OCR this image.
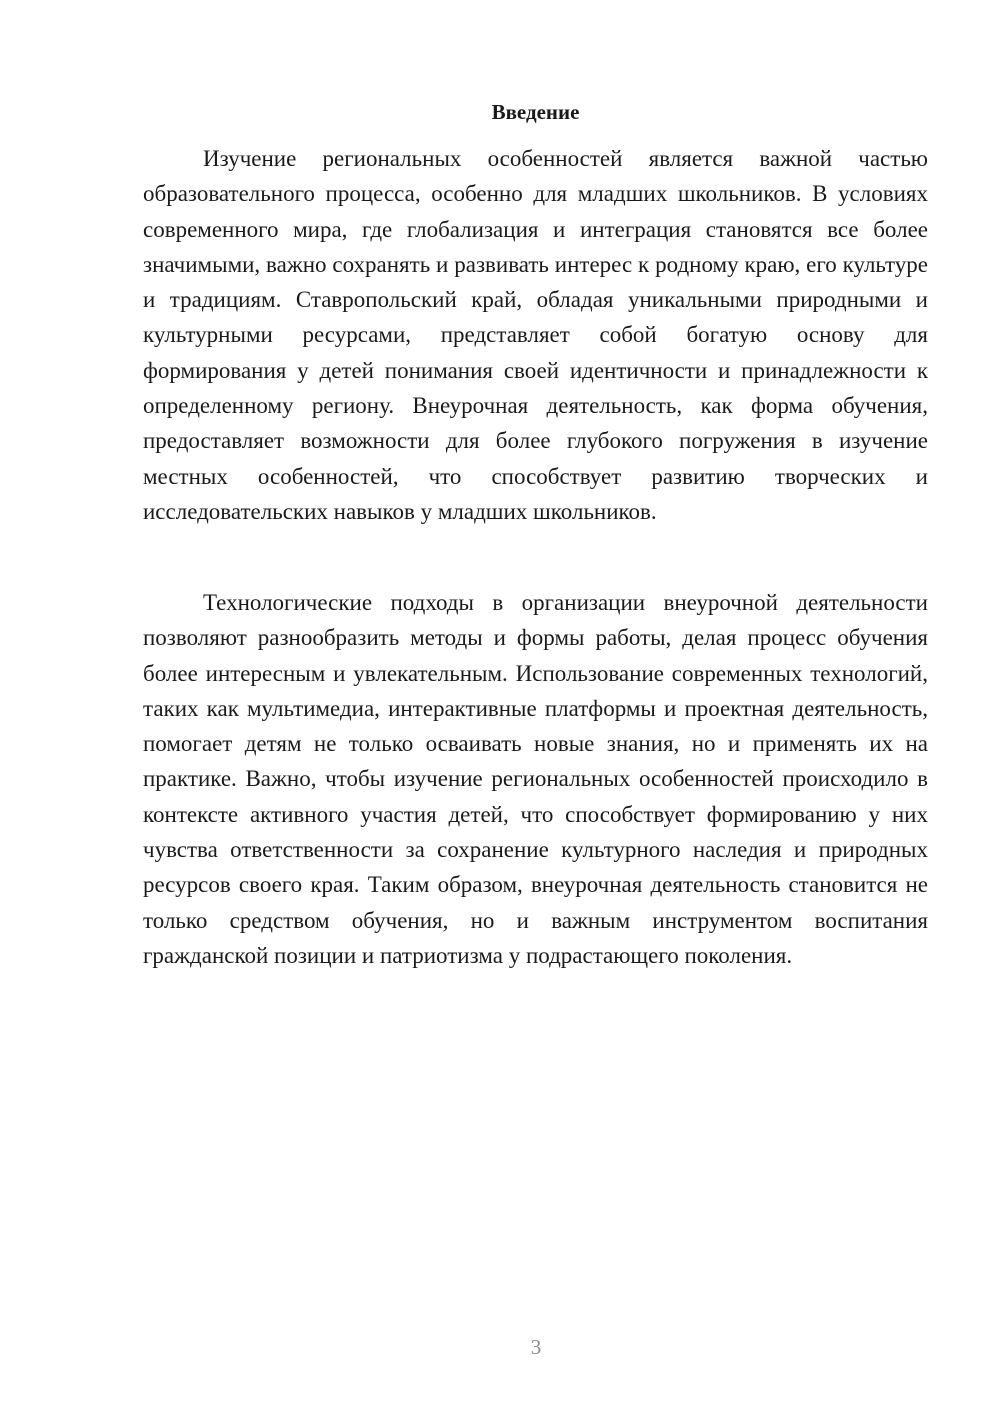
Введение

Изучение региональных особенностей является важной частью образовательного процесса, особенно для младших школьников. В условиях современного мира, где глобализация и интеграция становятся все более значимыми, важно сохранять и развивать интерес к родному краю, его культуре и традициям. Ставропольский край, обладая уникальными природными и культурными ресурсами, представляет собой богатую основу для формирования у детей понимания своей идентичности и принадлежности к определенному региону. Внеурочная деятельность, как форма обучения, предоставляет возможности для более глубокого погружения в изучение местных особенностей, что способствует развитию творческих и исследовательских навыков у младших школьников.

Технологические подходы в организации внеурочной деятельности позволяют разнообразить методы и формы работы, делая процесс обучения более интересным и увлекательным. Использование современных технологий, таких как мультимедиа, интерактивные платформы и проектная деятельность, помогает детям не только осваивать новые знания, но и применять их на практике. Важно, чтобы изучение региональных особенностей происходило в контексте активного участия детей, что способствует формированию у них чувства ответственности за сохранение культурного наследия и природных ресурсов своего края. Таким образом, внеурочная деятельность становится не только средством обучения, но и важным инструментом воспитания гражданской позиции и патриотизма у подрастающего поколения.

3
